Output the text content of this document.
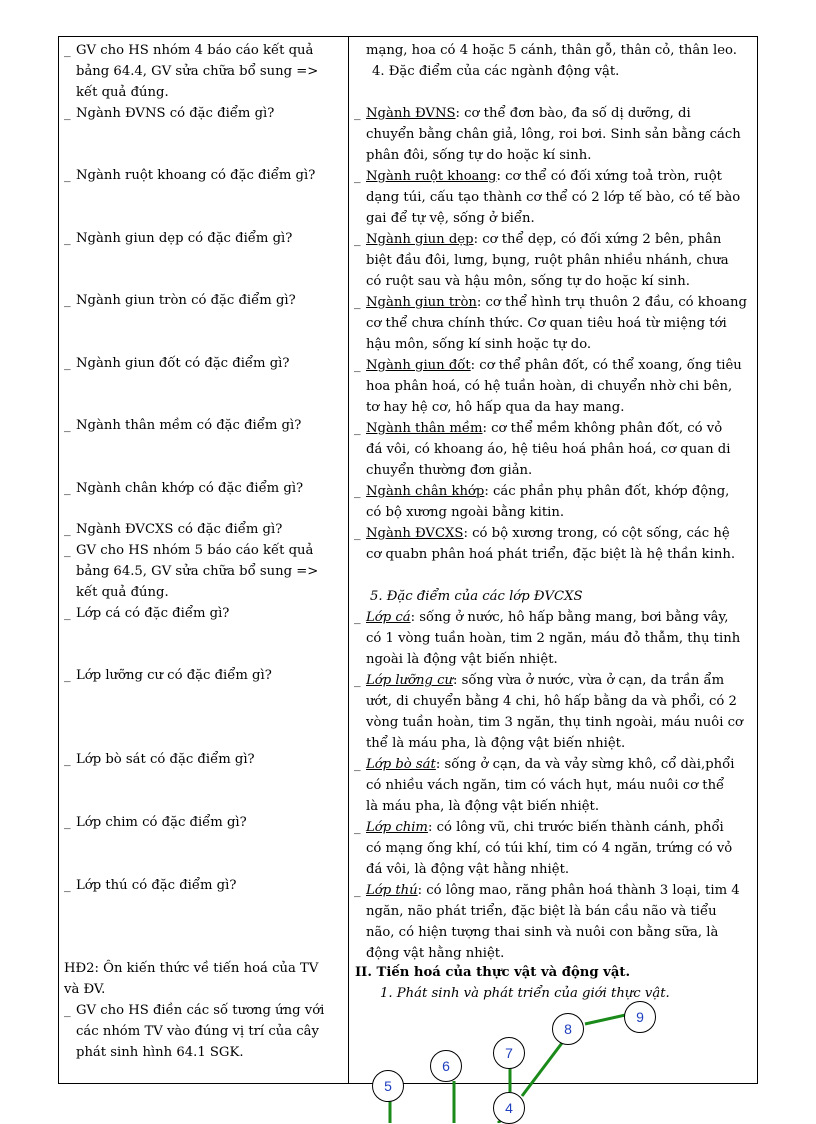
_ GV cho HS nhóm 4 báo cáo kết quả
bảng 64.4, GV sửa chữa bổ sung =>
kết quả đúng.
_ Ngành ĐVNS có đặc điểm gì?
_ Ngành ruột khoang có đặc điểm gì?
_ Ngành giun dẹp có đặc điểm gì?
_ Ngành giun tròn có đặc điểm gì?
_ Ngành giun đốt có đặc điểm gì?
_ Ngành thân mềm có đặc điểm gì?
_ Ngành chân khớp có đặc điểm gì?
_ Ngành ĐVCXS có đặc điểm gì?
_ GV cho HS nhóm 5 báo cáo kết quả
bảng 64.5, GV sửa chữa bổ sung =>
kết quả đúng.
_ Lớp cá có đặc điểm gì?
_ Lớp lưỡng cư có đặc điểm gì?
_ Lớp bò sát có đặc điểm gì?
_ Lớp chim có đặc điểm gì?
_ Lớp thú có đặc điểm gì?
HĐ2: Ôn kiến thức về tiến hoá của TV
và ĐV.
_ GV cho HS điền các số tương ứng với
các nhóm TV vào đúng vị trí của cây
phát sinh hình 64.1 SGK.
mạng, hoa có 4 hoặc 5 cánh, thân gỗ, thân cỏ, thân leo.
4. Đặc điểm của các ngành động vật.
_ Ngành ĐVNS: cơ thể đơn bào, đa số dị dưỡng, di
chuyển bằng chân giả, lông, roi bơi. Sinh sản bằng cách
phân đôi, sống tự do hoặc kí sinh.
_ Ngành ruột khoang: cơ thể có đối xứng toả tròn, ruột
dạng túi, cấu tạo thành cơ thể có 2 lớp tế bào, có tế bào
gai để tự vệ, sống ở biển.
_ Ngành giun dẹp: cơ thể dẹp, có đối xứng 2 bên, phân
biệt đầu đôi, lưng, bụng, ruột phân nhiều nhánh, chưa
có ruột sau và hậu môn, sống tự do hoặc kí sinh.
_ Ngành giun tròn: cơ thể hình trụ thuôn 2 đầu, có khoang
cơ thể chưa chính thức. Cơ quan tiêu hoá từ miệng tới
hậu môn, sống kí sinh hoặc tự do.
_ Ngành giun đốt: cơ thể phân đốt, có thể xoang, ống tiêu
hoa phân hoá, có hệ tuần hoàn, di chuyển nhờ chi bên,
tơ hay hệ cơ, hô hấp qua da hay mang.
_ Ngành thân mềm: cơ thể mềm không phân đốt, có vỏ
đá vôi, có khoang áo, hệ tiêu hoá phân hoá, cơ quan di
chuyển thường đơn giản.
_ Ngành chân khớp: các phần phụ phân đốt, khớp động,
có bộ xương ngoài bằng kitin.
_ Ngành ĐVCXS: có bộ xương trong, có cột sống, các hệ
cơ quabn phân hoá phát triển, đặc biệt là hệ thần kinh.
5. Đặc điểm của các lớp ĐVCXS
_ Lớp cá: sống ở nước, hô hấp bằng mang, bơi bằng vây,
có 1 vòng tuần hoàn, tim 2 ngăn, máu đỏ thẫm, thụ tinh
ngoài là động vật biến nhiệt.
_ Lớp lưỡng cư: sống vừa ở nước, vừa ở cạn, da trần ẩm
ướt, di chuyển bằng 4 chi, hô hấp bằng da và phổi, có 2
vòng tuần hoàn, tim 3 ngăn, thụ tinh ngoài, máu nuôi cơ
thể là máu pha, là động vật biến nhiệt.
_ Lớp bò sát: sống ở cạn, da và vảy sừng khô, cổ dài,phổi
có nhiều vách ngăn, tim có vách hụt, máu nuôi cơ thể
là máu pha, là động vật biến nhiệt.
_ Lớp chim: có lông vũ, chi trước biến thành cánh, phổi
có mạng ống khí, có túi khí, tim có 4 ngăn, trứng có vỏ
đá vôi, là động vật hằng nhiệt.
_ Lớp thú: có lông mao, răng phân hoá thành 3 loại, tim 4
ngăn, não phát triển, đặc biệt là bán cầu não và tiểu
não, có hiện tượng thai sinh và nuôi con bằng sữa, là
động vật hằng nhiệt.
II. Tiến hoá của thực vật và động vật.
1. Phát sinh và phát triển của giới thực vật.
9
8
7
6
5
4
